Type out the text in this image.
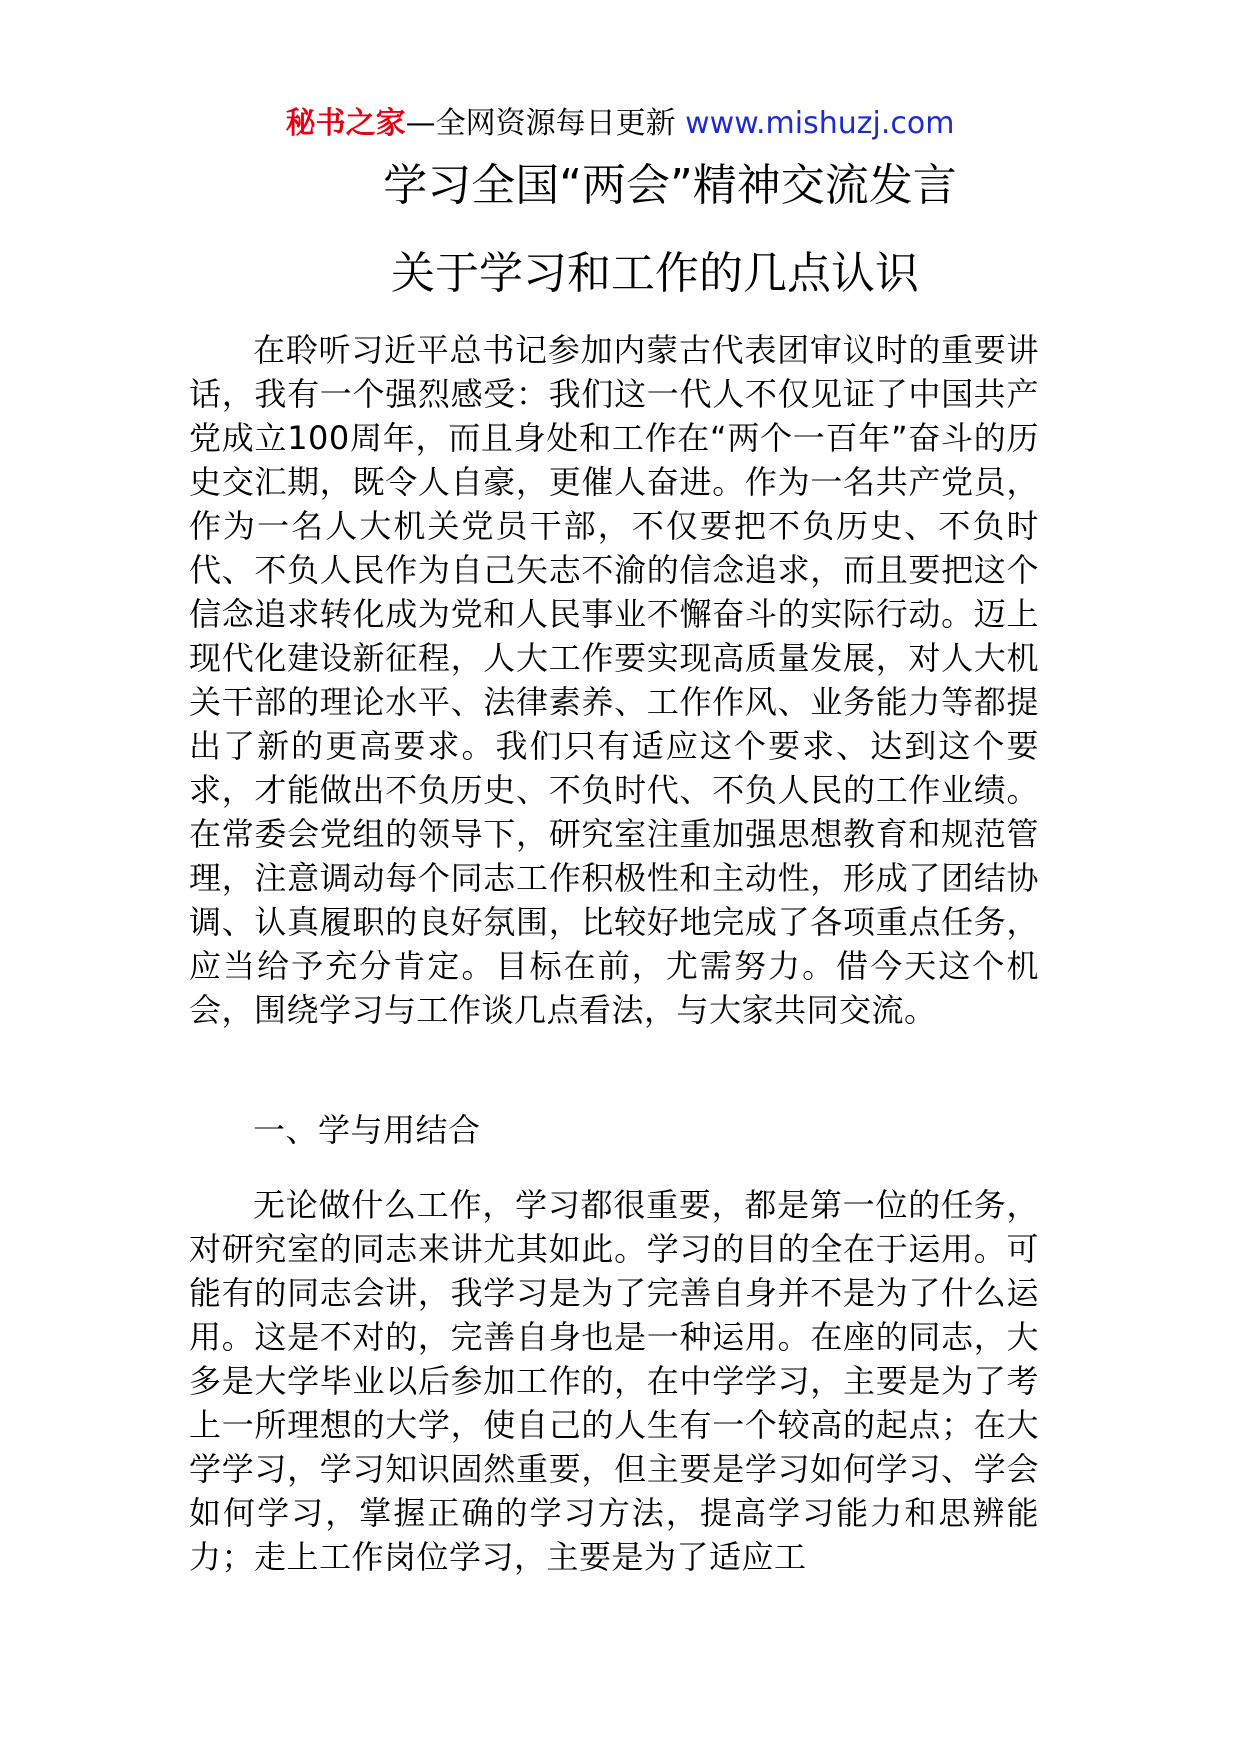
秘书之家—全网资源每日更新 www.mishuzj.com
学习全国“两会”精神交流发言
关于学习和工作的几点认识

在聆听习近平总书记参加内蒙古代表团审议时的重要讲话，我有一个强烈感受：我们这一代人不仅见证了中国共产党成立100周年，而且身处和工作在“两个一百年”奋斗的历史交汇期，既令人自豪，更催人奋进。作为一名共产党员，作为一名人大机关党员干部，不仅要把不负历史、不负时代、不负人民作为自己矢志不渝的信念追求，而且要把这个信念追求转化成为党和人民事业不懈奋斗的实际行动。迈上现代化建设新征程，人大工作要实现高质量发展，对人大机关干部的理论水平、法律素养、工作作风、业务能力等都提出了新的更高要求。我们只有适应这个要求、达到这个要求，才能做出不负历史、不负时代、不负人民的工作业绩。在常委会党组的领导下，研究室注重加强思想教育和规范管理，注意调动每个同志工作积极性和主动性，形成了团结协调、认真履职的良好氛围，比较好地完成了各项重点任务，应当给予充分肯定。目标在前，尤需努力。借今天这个机会，围绕学习与工作谈几点看法，与大家共同交流。

一、学与用结合

无论做什么工作，学习都很重要，都是第一位的任务，对研究室的同志来讲尤其如此。学习的目的全在于运用。可能有的同志会讲，我学习是为了完善自身并不是为了什么运用。这是不对的，完善自身也是一种运用。在座的同志，大多是大学毕业以后参加工作的，在中学学习，主要是为了考上一所理想的大学，使自己的人生有一个较高的起点；在大学学习，学习知识固然重要，但主要是学习如何学习、学会如何学习，掌握正确的学习方法，提高学习能力和思辨能力；走上工作岗位学习，主要是为了适应工
